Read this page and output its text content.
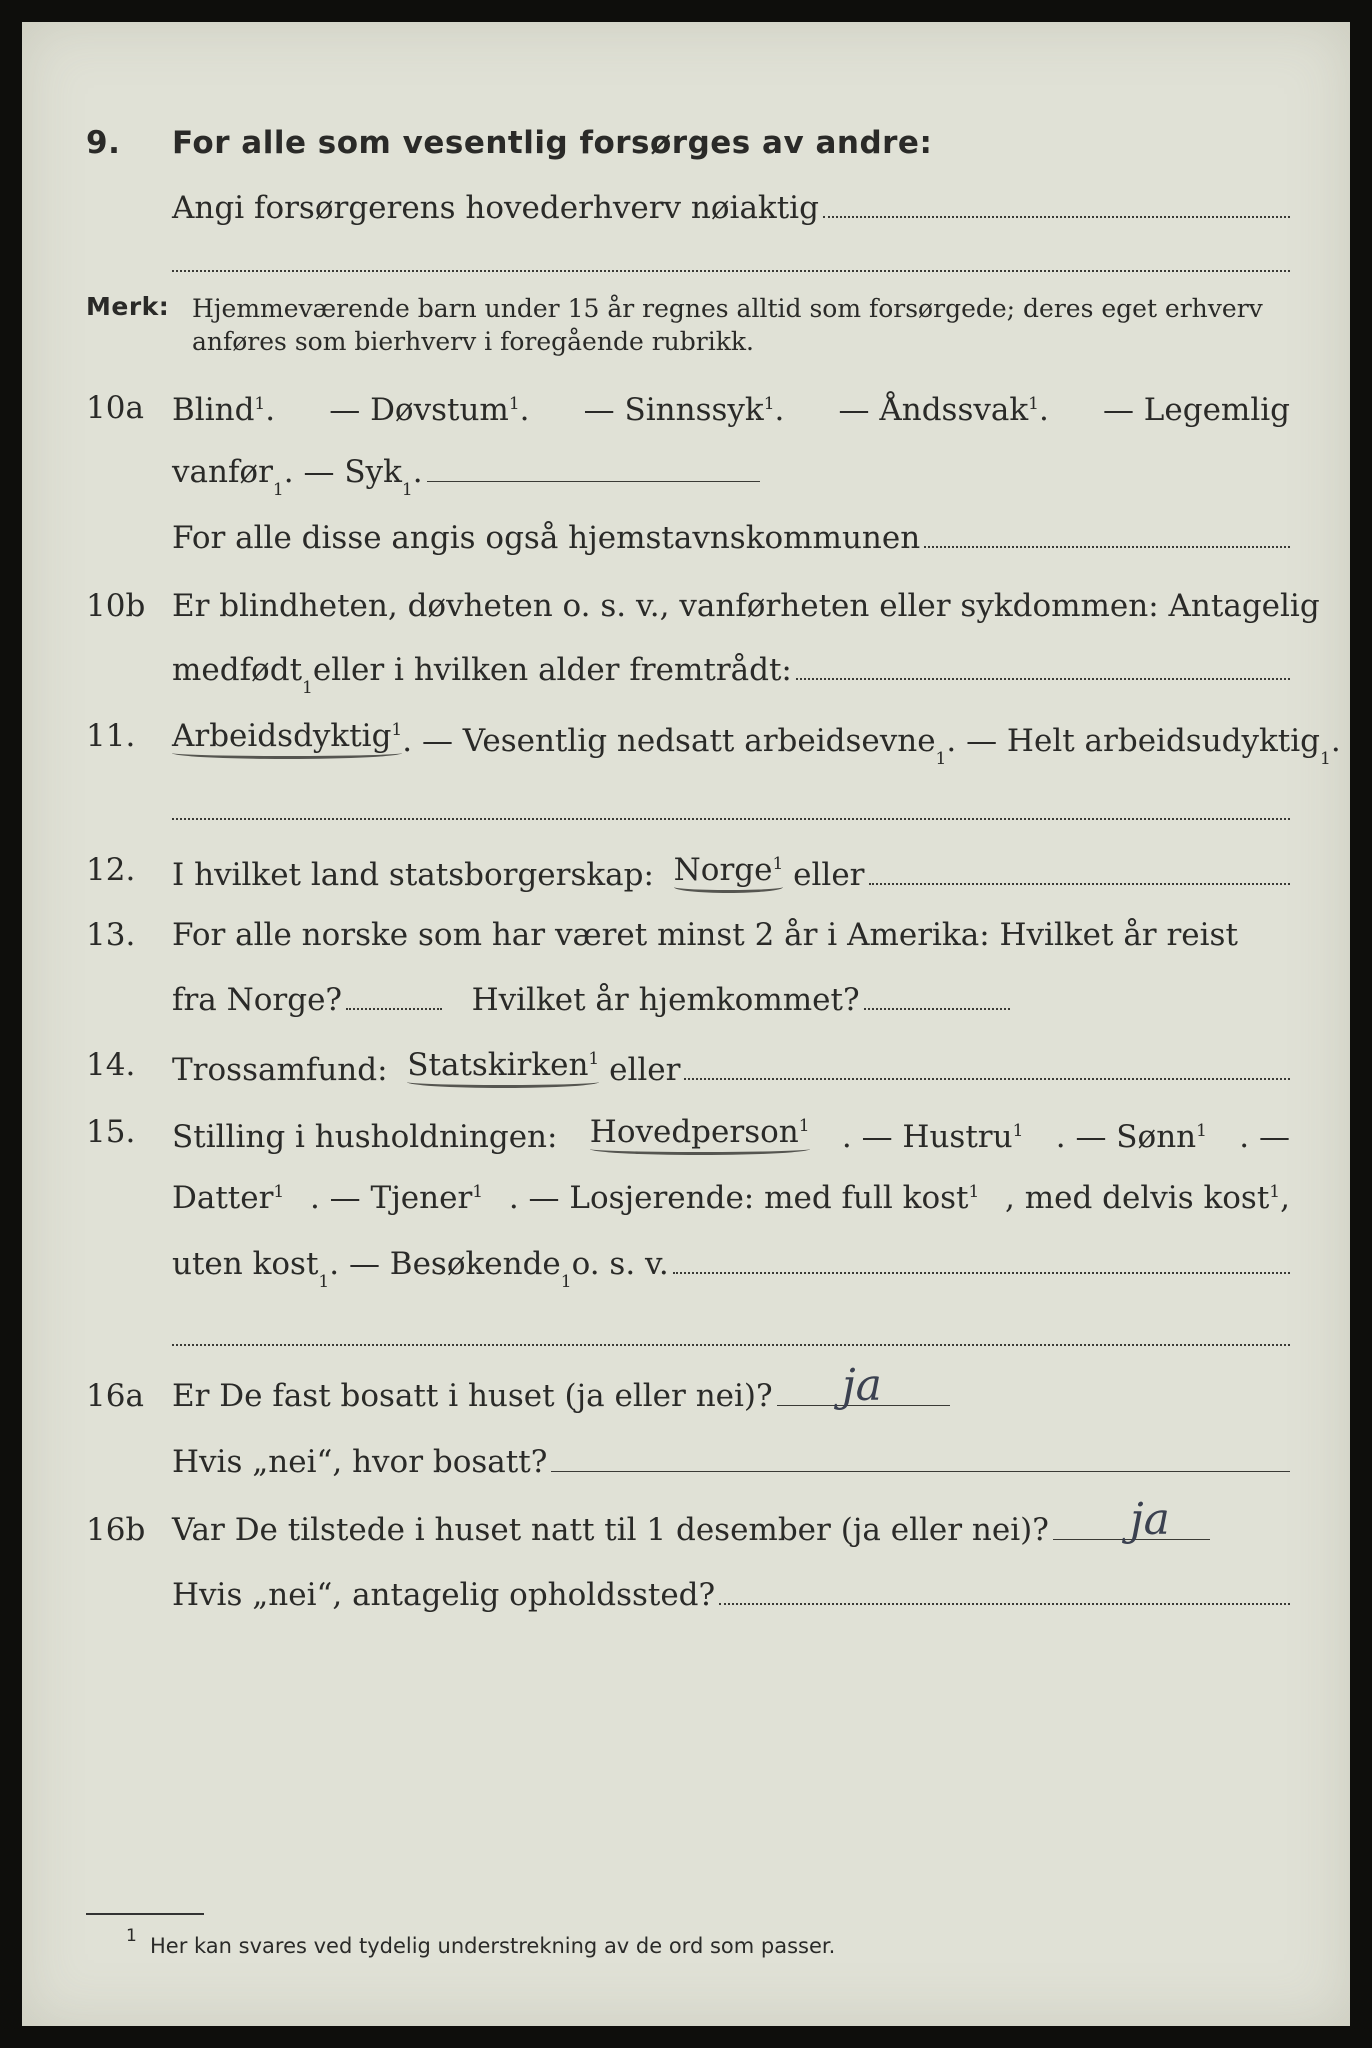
9. For alle som vesentlig forsørges av andre:
Angi forsørgerens hovederhverv nøiaktig
Merk: Hjemmeværende barn under 15 år regnes alltid som forsørgede; deres eget erhverv
anføres som bierhverv i foregående rubrikk.
10a Blind1. — Døvstum1. — Sinnssyk1. — Åndssvak1. — Legemlig
vanfør 1 . — Syk 1 .
For alle disse angis også hjemstavnskommunen
10b Er blindheten, døvheten o. s. v., vanførheten eller sykdommen: Antagelig
medfødt 1 eller i hvilken alder fremtrådt:
11. Arbeidsdyktig1 . — Vesentlig nedsatt arbeidsevne 1 . — Helt arbeidsudyktig 1 .
12. I hvilket land statsborgerskap:
Norge1
eller
13. For alle norske som har været minst 2 år i Amerika: Hvilket år reist
fra Norge?
	Hvilket år hjemkommet?
14. Trossamfund:
Statskirken1
eller
15. Stilling i husholdningen: Hovedperson1 . — Hustru1 . — Sønn1 . —
Datter1 . — Tjener1 . — Losjerende: med full kost1 , med delvis kost1,
uten kost 1 . — Besøkende 1 o. s. v.
16a Er De fast bosatt i huset (ja eller nei)? ja
Hvis „nei“, hvor bosatt?
16b Var De tilstede i huset natt til 1 desember (ja eller nei)? ja
Hvis „nei“, antagelig opholdssted?
1 Her kan svares ved tydelig understrekning av de ord som passer.
